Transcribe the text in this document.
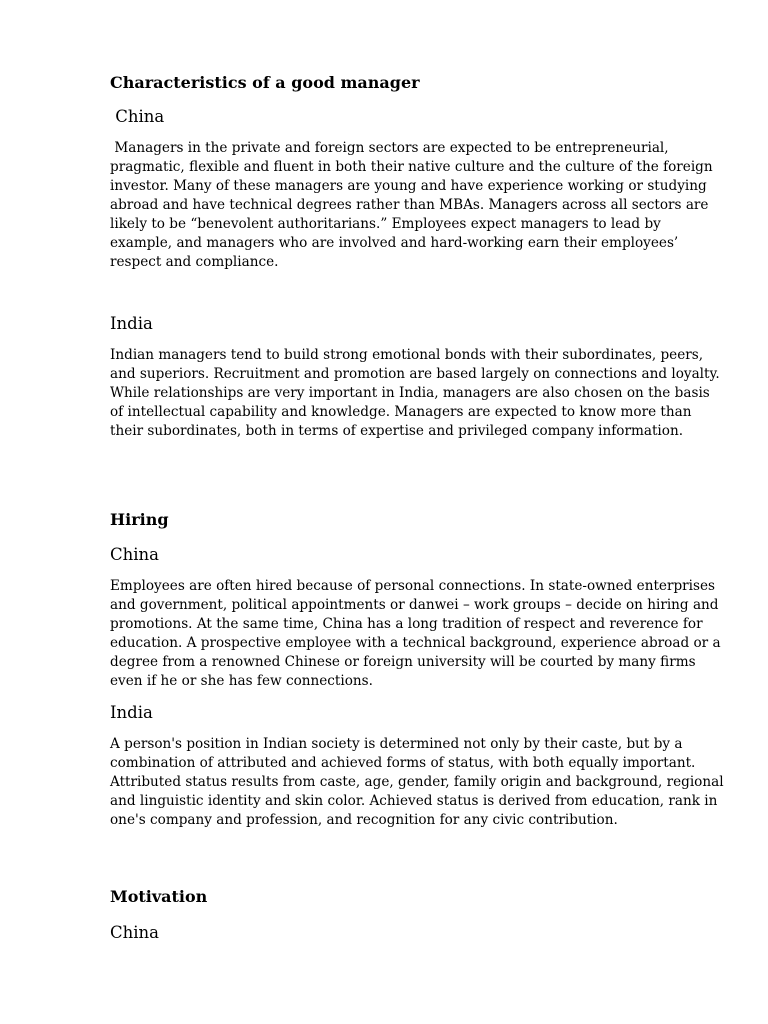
Characteristics of a good manager
China

Managers in the private and foreign sectors are expected to be entrepreneurial, pragmatic, flexible and fluent in both their native culture and the culture of the foreign investor. Many of these managers are young and have experience working or studying abroad and have technical degrees rather than MBAs. Managers across all sectors are likely to be “benevolent authoritarians.” Employees expect managers to lead by example, and managers who are involved and hard-working earn their employees’ respect and compliance.

India

Indian managers tend to build strong emotional bonds with their subordinates, peers, and superiors. Recruitment and promotion are based largely on connections and loyalty. While relationships are very important in India, managers are also chosen on the basis of intellectual capability and knowledge. Managers are expected to know more than their subordinates, both in terms of expertise and privileged company information.

Hiring
China

Employees are often hired because of personal connections. In state-owned enterprises and government, political appointments or danwei – work groups – decide on hiring and promotions. At the same time, China has a long tradition of respect and reverence for education. A prospective employee with a technical background, experience abroad or a degree from a renowned Chinese or foreign university will be courted by many firms even if he or she has few connections.

India

A person's position in Indian society is determined not only by their caste, but by a combination of attributed and achieved forms of status, with both equally important. Attributed status results from caste, age, gender, family origin and background, regional and linguistic identity and skin color. Achieved status is derived from education, rank in one's company and profession, and recognition for any civic contribution.

Motivation
China
